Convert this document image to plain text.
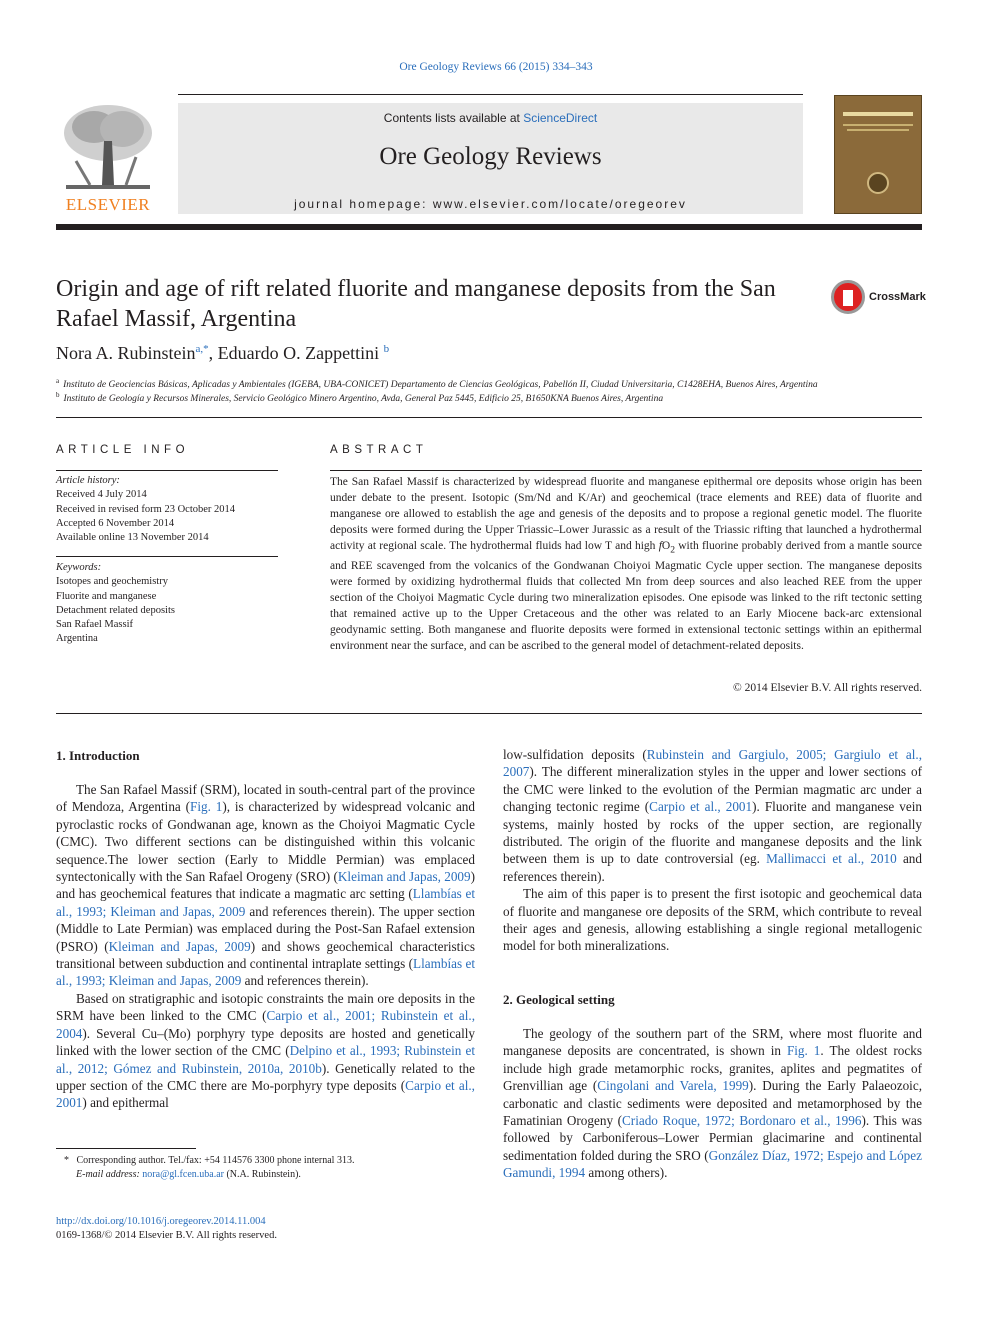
Ore Geology Reviews 66 (2015) 334–343
ELSEVIER
Contents lists available at ScienceDirect
Ore Geology Reviews
journal homepage: www.elsevier.com/locate/oregeorev
Origin and age of rift related fluorite and manganese deposits from the San Rafael Massif, Argentina
CrossMark
Nora A. Rubinstein$^{a,*}$, Eduardo O. Zappettini $^b$
$^a$ Instituto de Geociencias Básicas, Aplicadas y Ambientales (IGEBA, UBA-CONICET) Departamento de Ciencias Geológicas, Pabellón II, Ciudad Universitaria, C1428EHA, Buenos Aires, Argentina
$^b$ Instituto de Geología y Recursos Minerales, Servicio Geológico Minero Argentino, Avda, General Paz 5445, Edificio 25, B1650KNA Buenos Aires, Argentina
ARTICLE INFO
Article history:
Received 4 July 2014
Received in revised form 23 October 2014
Accepted 6 November 2014
Available online 13 November 2014
Keywords:
Isotopes and geochemistry
Fluorite and manganese
Detachment related deposits
San Rafael Massif
Argentina
ABSTRACT
The San Rafael Massif is characterized by widespread fluorite and manganese epithermal ore deposits whose origin has been under debate to the present. Isotopic (Sm/Nd and K/Ar) and geochemical (trace elements and REE) data of fluorite and manganese ore allowed to establish the age and genesis of the deposits and to propose a regional genetic model. The fluorite deposits were formed during the Upper Triassic–Lower Jurassic as a result of the Triassic rifting that launched a hydrothermal activity at regional scale. The hydrothermal fluids had low T and high $fO_2$ with fluorine probably derived from a mantle source and REE scavenged from the volcanics of the Gondwanan Choiyoi Magmatic Cycle upper section. The manganese deposits were formed by oxidizing hydrothermal fluids that collected Mn from deep sources and also leached REE from the upper section of the Choiyoi Magmatic Cycle during two mineralization episodes. One episode was linked to the rift tectonic setting that remained active up to the Upper Cretaceous and the other was related to an Early Miocene back-arc extensional geodynamic setting. Both manganese and fluorite deposits were formed in extensional tectonic settings within an epithermal environment near the surface, and can be ascribed to the general model of detachment-related deposits.
© 2014 Elsevier B.V. All rights reserved.
1. Introduction

The San Rafael Massif (SRM), located in south-central part of the province of Mendoza, Argentina (Fig. 1), is characterized by widespread volcanic and pyroclastic rocks of Gondwanan age, known as the Choiyoi Magmatic Cycle (CMC). Two different sections can be distinguished within this volcanic sequence.The lower section (Early to Middle Permian) was emplaced syntectonically with the San Rafael Orogeny (SRO) (Kleiman and Japas, 2009) and has geochemical features that indicate a magmatic arc setting (Llambías et al., 1993; Kleiman and Japas, 2009 and references therein). The upper section (Middle to Late Permian) was emplaced during the Post-San Rafael extension (PSRO) (Kleiman and Japas, 2009) and shows geochemical characteristics transitional between subduction and continental intraplate settings (Llambías et al., 1993; Kleiman and Japas, 2009 and references therein).

Based on stratigraphic and isotopic constraints the main ore deposits in the SRM have been linked to the CMC (Carpio et al., 2001; Rubinstein et al., 2004). Several Cu–(Mo) porphyry type deposits are hosted and genetically linked with the lower section of the CMC (Delpino et al., 1993; Rubinstein et al., 2012; Gómez and Rubinstein, 2010a, 2010b). Genetically related to the upper section of the CMC there are Mo-porphyry type deposits (Carpio et al., 2001) and epithermal

low-sulfidation deposits (Rubinstein and Gargiulo, 2005; Gargiulo et al., 2007). The different mineralization styles in the upper and lower sections of the CMC were linked to the evolution of the Permian magmatic arc under a changing tectonic regime (Carpio et al., 2001). Fluorite and manganese vein systems, mainly hosted by rocks of the upper section, are regionally distributed. The origin of the fluorite and manganese deposits and the link between them is up to date controversial (eg. Mallimacci et al., 2010 and references therein).

The aim of this paper is to present the first isotopic and geochemical data of fluorite and manganese ore deposits of the SRM, which contribute to reveal their ages and genesis, allowing establishing a single regional metallogenic model for both mineralizations.

2. Geological setting

The geology of the southern part of the SRM, where most fluorite and manganese deposits are concentrated, is shown in Fig. 1. The oldest rocks include high grade metamorphic rocks, granites, aplites and pegmatites of Grenvillian age (Cingolani and Varela, 1999). During the Early Palaeozoic, carbonatic and clastic sediments were deposited and metamorphosed by the Famatinian Orogeny (Criado Roque, 1972; Bordonaro et al., 1996). This was followed by Carboniferous–Lower Permian glacimarine and continental sedimentation folded during the SRO (González Díaz, 1972; Espejo and López Gamundi, 1994 among others).

* Corresponding author. Tel./fax: +54 114576 3300 phone internal 313.
E-mail address: nora@gl.fcen.uba.ar (N.A. Rubinstein).
http://dx.doi.org/10.1016/j.oregeorev.2014.11.004
0169-1368/© 2014 Elsevier B.V. All rights reserved.
